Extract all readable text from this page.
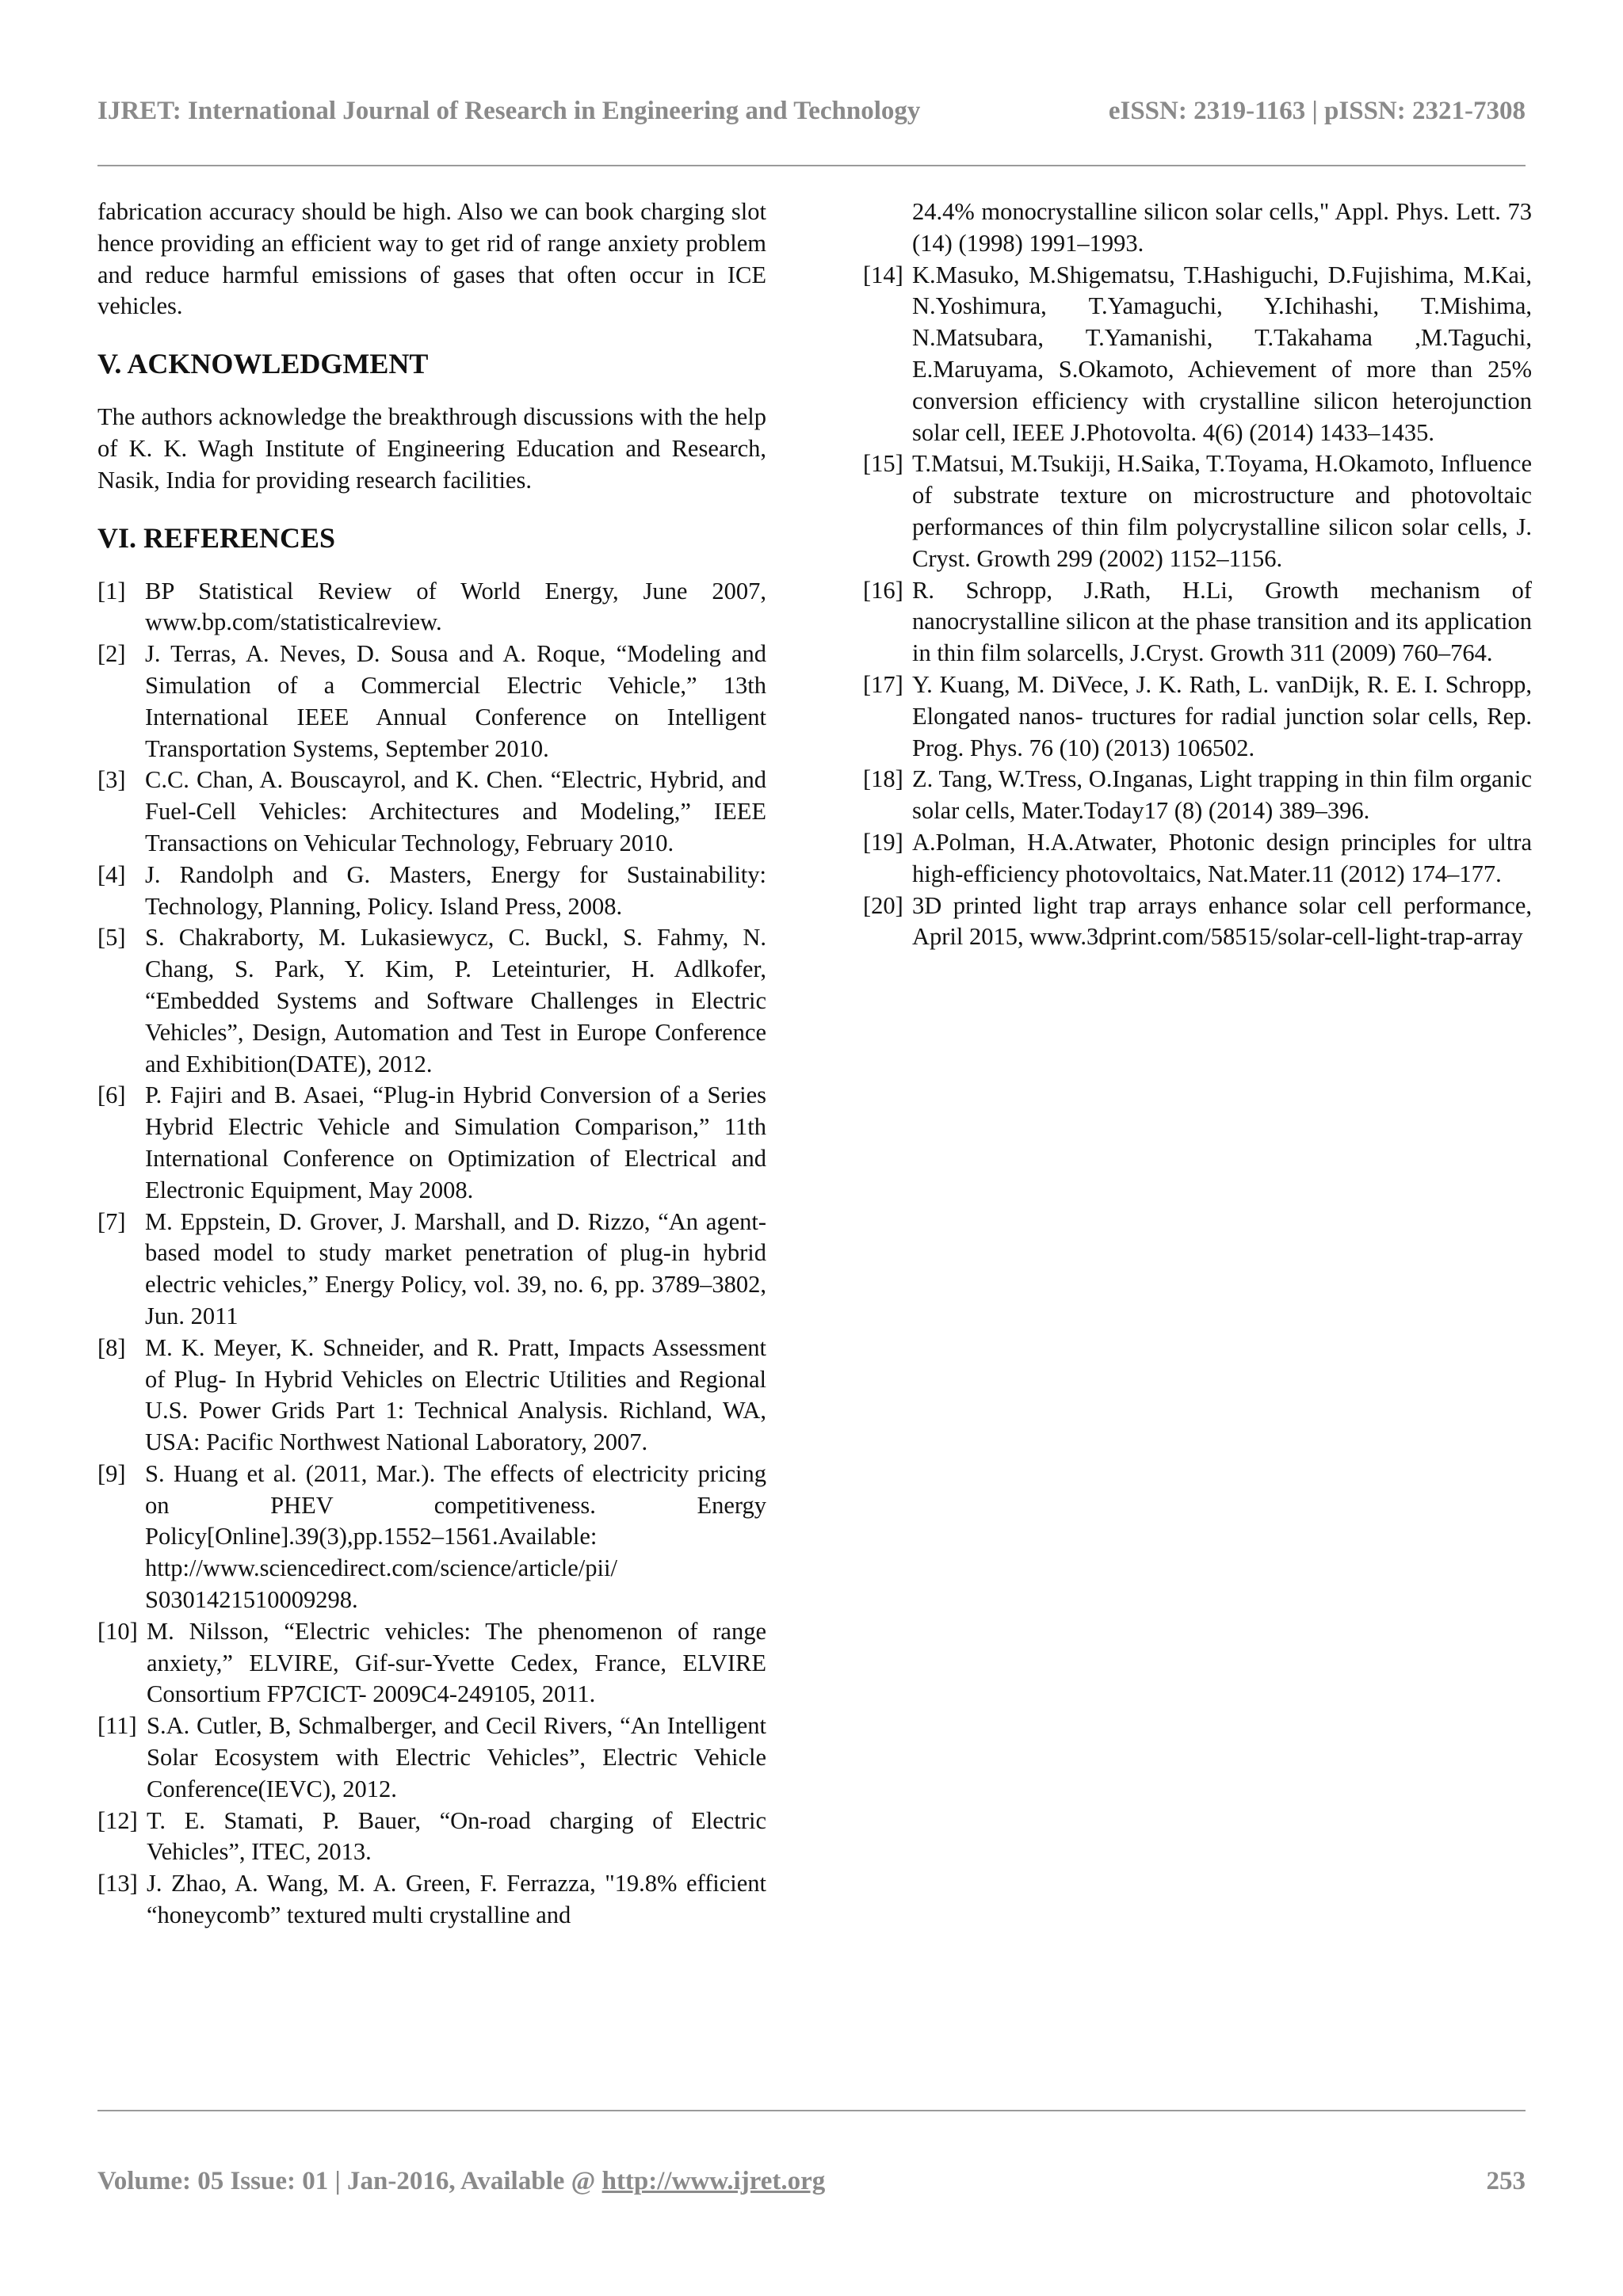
IJRET: International Journal of Research in Engineering and Technology	eISSN: 2319-1163 | pISSN: 2321-7308

fabrication accuracy should be high. Also we can book charging slot hence providing an efficient way to get rid of range anxiety problem and reduce harmful emissions of gases that often occur in ICE vehicles.

V. ACKNOWLEDGMENT

The authors acknowledge the breakthrough discussions with the help of K. K. Wagh Institute of Engineering Education and Research, Nasik, India for providing research facilities.

VI. REFERENCES
[1] BP Statistical Review of World Energy, June 2007, www.bp.com/statisticalreview.
[2] J. Terras, A. Neves, D. Sousa and A. Roque, “Modeling and Simulation of a Commercial Electric Vehicle,” 13th International IEEE Annual Conference on Intelligent Transportation Systems, September 2010.
[3] C.C. Chan, A. Bouscayrol, and K. Chen. “Electric, Hybrid, and Fuel-Cell Vehicles: Architectures and Modeling,” IEEE Transactions on Vehicular Technology, February 2010.
[4] J. Randolph and G. Masters, Energy for Sustainability: Technology, Planning, Policy. Island Press, 2008.
[5] S. Chakraborty, M. Lukasiewycz, C. Buckl, S. Fahmy, N. Chang, S. Park, Y. Kim, P. Leteinturier, H. Adlkofer, “Embedded Systems and Software Challenges in Electric Vehicles”, Design, Automation and Test in Europe Conference and Exhibition(DATE), 2012.
[6] P. Fajiri and B. Asaei, “Plug-in Hybrid Conversion of a Series Hybrid Electric Vehicle and Simulation Comparison,” 11th International Conference on Optimization of Electrical and Electronic Equipment, May 2008.
[7] M. Eppstein, D. Grover, J. Marshall, and D. Rizzo, “An agent-based model to study market penetration of plug-in hybrid electric vehicles,” Energy Policy, vol. 39, no. 6, pp. 3789–3802, Jun. 2011
[8] M. K. Meyer, K. Schneider, and R. Pratt, Impacts Assessment of Plug- In Hybrid Vehicles on Electric Utilities and Regional U.S. Power Grids Part 1: Technical Analysis. Richland, WA, USA: Pacific Northwest National Laboratory, 2007.
[9] S. Huang et al. (2011, Mar.). The effects of electricity pricing on PHEV competitiveness. Energy Policy[Online].39(3),pp.1552–1561.Available: http://www.sciencedirect.com/science/article/pii/ S0301421510009298.
[10] M. Nilsson, “Electric vehicles: The phenomenon of range anxiety,” ELVIRE, Gif-sur-Yvette Cedex, France, ELVIRE Consortium FP7CICT- 2009C4-249105, 2011.
[11] S.A. Cutler, B, Schmalberger, and Cecil Rivers, “An Intelligent Solar Ecosystem with Electric Vehicles”, Electric Vehicle Conference(IEVC), 2012.
[12] T. E. Stamati, P. Bauer, “On-road charging of Electric Vehicles”, ITEC, 2013.
[13] J. Zhao, A. Wang, M. A. Green, F. Ferrazza, "19.8% efficient “honeycomb” textured multi crystalline and
24.4% monocrystalline silicon solar cells," Appl. Phys. Lett. 73 (14) (1998) 1991–1993.
[14] K.Masuko, M.Shigematsu, T.Hashiguchi, D.Fujishima, M.Kai, N.Yoshimura, T.Yamaguchi, Y.Ichihashi, T.Mishima, N.Matsubara, T.Yamanishi, T.Takahama ,M.Taguchi, E.Maruyama, S.Okamoto, Achievement of more than 25% conversion efficiency with crystalline silicon heterojunction solar cell, IEEE J.Photovolta. 4(6) (2014) 1433–1435.
[15] T.Matsui, M.Tsukiji, H.Saika, T.Toyama, H.Okamoto, Influence of substrate texture on microstructure and photovoltaic performances of thin film polycrystalline silicon solar cells, J. Cryst. Growth 299 (2002) 1152–1156.
[16] R. Schropp, J.Rath, H.Li, Growth mechanism of nanocrystalline silicon at the phase transition and its application in thin film solarcells, J.Cryst. Growth 311 (2009) 760–764.
[17] Y. Kuang, M. DiVece, J. K. Rath, L. vanDijk, R. E. I. Schropp, Elongated nanos- tructures for radial junction solar cells, Rep. Prog. Phys. 76 (10) (2013) 106502.
[18] Z. Tang, W.Tress, O.Inganas, Light trapping in thin film organic solar cells, Mater.Today17 (8) (2014) 389–396.
[19] A.Polman, H.A.Atwater, Photonic design principles for ultra high-efficiency photovoltaics, Nat.Mater.11 (2012) 174–177.
[20] 3D printed light trap arrays enhance solar cell performance, April 2015, www.3dprint.com/58515/solar-cell-light-trap-array
Volume: 05 Issue: 01 | Jan-2016, Available @ http://www.ijret.org	253
